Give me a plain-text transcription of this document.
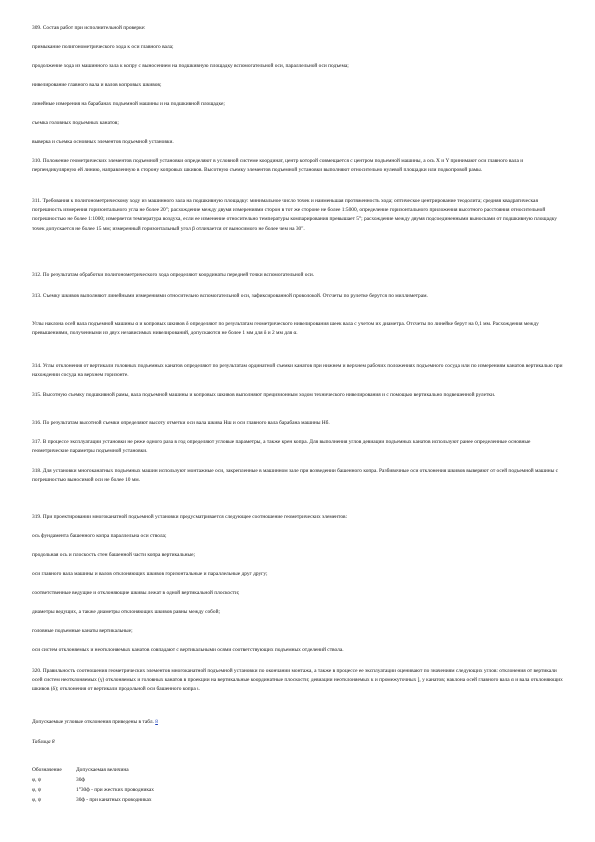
309. Состав работ при исполнительной проверке:

примыкание полигонометрического хода к оси главного вала;

продолжение хода из машинного зала к копру с выносением на подшкивную площадку вспомогательной оси, параллельной оси подъема;

нивелирование главного вала и валов копровых шкивов;

линейные измерения на барабанах подъемной машины и на подшкивной площадке;

съемка головных подъемных канатов;

выверка и съемка основных элементов подъемной установки.

310. Положение геометрических элементов подъемной установки определяют в условной системе координат, центр которой совмещается с центром подъемной машины, а ось X и Y принимают оси главного вала и перпендикулярную ей линию, направленную в сторону копровых шкивов. Высотную съемку элементов подъемной установки выполняют относительно нулевой площадки или подкопровой рамы.

311. Требования к полигонометрическому ходу из машинного зала на подшкивную площадку: минимальное число точек и наименьшая протяженность хода; оптическое центрирование теодолита; средняя квадратическая погрешность измерения горизонтального угла не более 20"; расхождение между двумя измерениями сторон в тот же стороне не более 1:5000, определение горизонтального приложения высотного расстояния относительной погрешностью не более 1:1000; измеряется температура воздуха, если ее изменение относительно температуры компарирования превышает 5°; расхождение между двумя подсоединенными выносками от подшкивную площадку точек допускается не более 15 мм; измеренный горизонтальный угол β отличается от выносимого не более чем на 30".

312. По результатам обработки полигонометрического хода определяют координаты передней точки вспомогательной оси.

313. Съемку шкивов выполняют линейными измерениями относительно вспомогательной оси, зафиксированной проволокой. Отсчеты по рулетке берутся по миллиметрам.

Углы наклона осей вала подъемной машины α и копровых шкивов δ определяют по результатам геометрического нивелирования шеек вала с учетом их диаметра. Отсчеты по линейке берут на 0,1 мм. Расхождения между превышениями, полученными из двух независимых нивелирований, допускаются не более 1 мм для δ и 2 мм для α.

314. Углы отклонения от вертикали головных подъемных канатов определяют по результатам ординатной съемки канатов при нижнем и верхнем рабочих положениях подъемного сосуда или по измерениям канатов вертикалью при нахождении сосуда на верхнем горизонте.

315. Высотную съемку подшкивной рамы, вала подъемной машины и копровых шкивов выполняют прецизионным ходом технического нивелирования и с помощью вертикально подвешенной рулетки.

316. По результатам высотной съемки определяют высоту отметки оси вала шкива Нш и оси главного вала барабана машины Нб.

317. В процессе эксплуатации установки не реже одного раза в год определяют угловые параметры, а также крен копра. Для выполнения углов девиации подъемных канатов используют ранее определенные основные геометрические параметры подъемной установки.

318. Для установки многоканатных подъемных машин используют монтажные оси, закрепленные в машинном зале при возведении башенного копра. Разбивочные оси отклонения шкивов выверяют от осей подъемной машины с погрешностью выносимой оси не более 10 мм.

319. При проектировании многоканатной подъемной установки предусматривается следующее соотношение геометрических элементов:

ось фундамента башенного копра параллельна оси ствола;

продольная ось и плоскость стен башенной части копра вертикальные;

оси главного вала машины и валов отклоняющих шкивов горизонтальные и параллельные друг другу;

соответственные ведущие и отклоняющие шкивы лежат в одной вертикальной плоскости;

диаметры ведущих, а также диаметры отклоняющих шкивов равны между собой;

головные подъемные канаты вертикальные;

оси систем отклоняемых и неотклоняемых канатов совпадают с вертикальными осями соответствующих подъемных отделений ствола.

320. Правильность соотношения геометрических элементов многоканатной подъемной установки по окончании монтажа, а также в процессе ее эксплуатации оценивают по значениям следующих углов: отклонения от вертикали осей систем неотклоняемых (γ) отклоняемых и головных канатов в проекции на вертикальные координатные плоскости; девиации неотклоняемых к и промежуточных ], у канатов; наклона осей главного вала α и вала отклоняющих шкивов (δ); отклонения от вертикали продольной оси башенного копра ι.

Допускаемые угловые отклонения приведены в табл. 8

Таблица 8

Обозначение	Допускаемая величина
φ, ψ	30ф
φ, ψ	1°30ф - при жестких проводниках
φ, ψ	30ф - при канатных проводниках
